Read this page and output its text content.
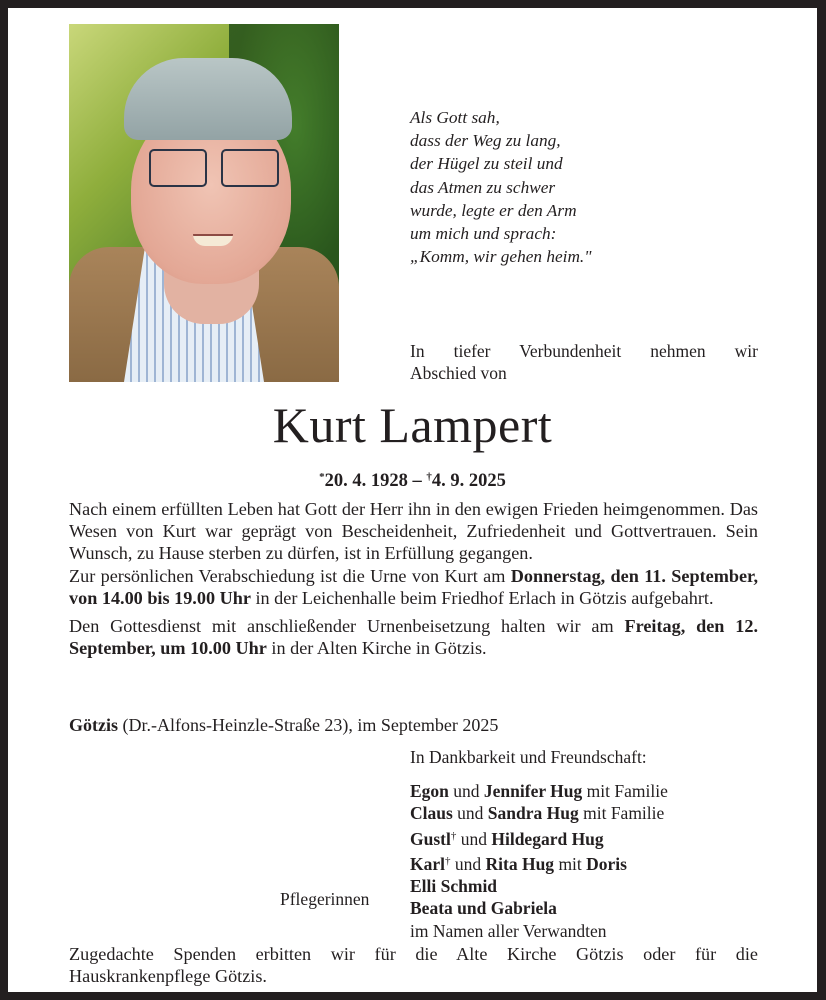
Als Gott sah,
dass der Weg zu lang,
der Hügel zu steil und
das Atmen zu schwer
wurde, legte er den Arm
um mich und sprach:
„Komm, wir gehen heim."
In tiefer Verbundenheit nehmen wir
Abschied von
Kurt Lampert
*20. 4. 1928 – †4. 9. 2025

Nach einem erfüllten Leben hat Gott der Herr ihn in den ewigen Frieden heimgenommen. Das Wesen von Kurt war geprägt von Bescheidenheit, Zufriedenheit und Gottvertrauen. Sein Wunsch, zu Hause sterben zu dürfen, ist in Erfüllung gegangen.

Zur persönlichen Verabschiedung ist die Urne von Kurt am Donnerstag, den 11. September, von 14.00 bis 19.00 Uhr in der Leichenhalle beim Friedhof Erlach in Götzis aufgebahrt.

Den Gottesdienst mit anschließender Urnenbeisetzung halten wir am Freitag, den 12. September, um 10.00 Uhr in der Alten Kirche in Götzis.

Götzis (Dr.-Alfons-Heinzle-Straße 23), im September 2025
In Dankbarkeit und Freundschaft:
Egon und Jennifer Hug mit Familie
Claus und Sandra Hug mit Familie
Gustl† und Hildegard Hug
Karl† und Rita Hug mit Doris
Elli Schmid
Beata und Gabriela
im Namen aller Verwandten
Pflegerinnen

Zugedachte Spenden erbitten wir für die Alte Kirche Götzis oder für die

Hauskrankenpflege Götzis.
